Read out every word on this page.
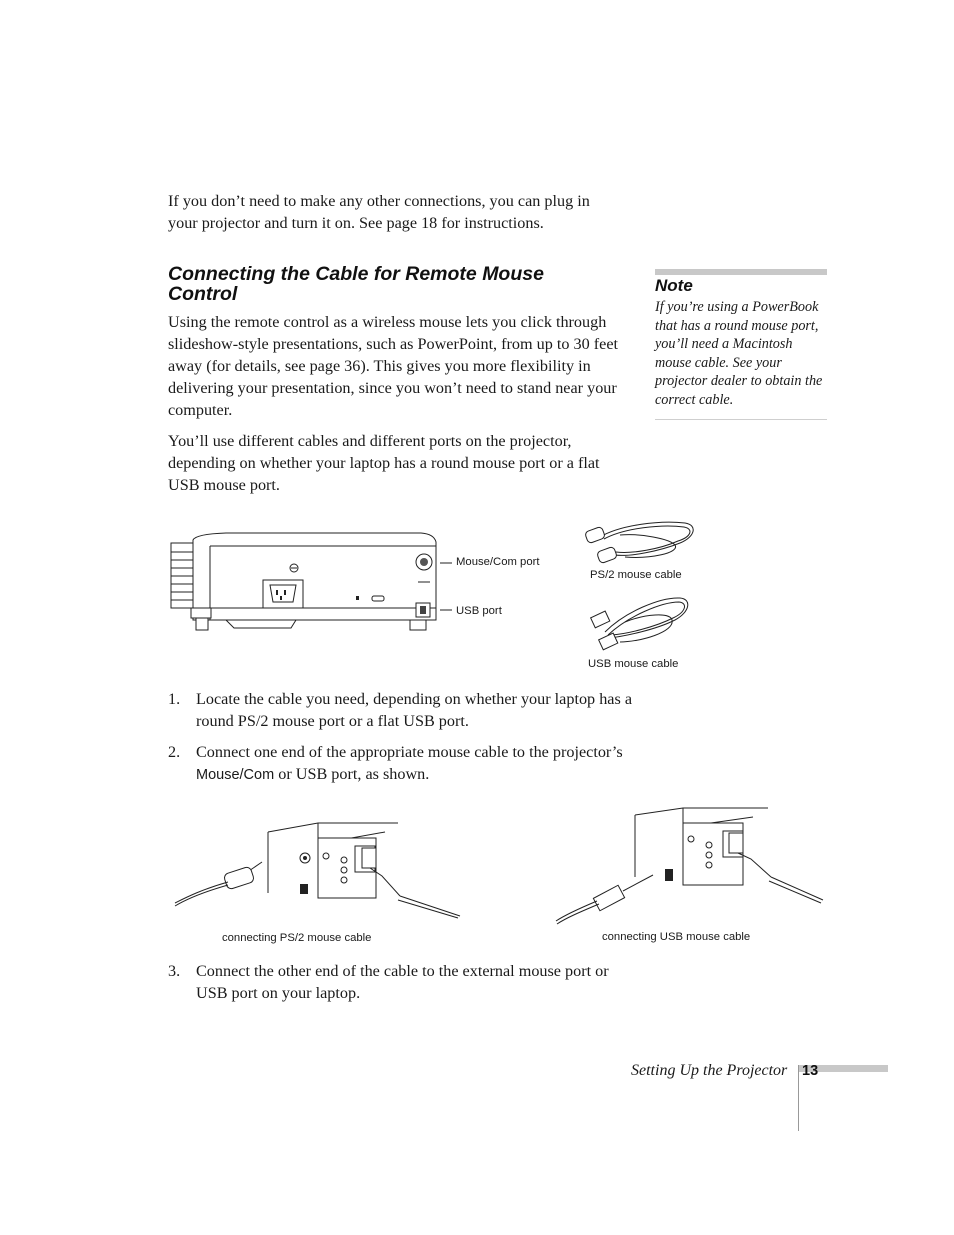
If you don’t need to make any other connections, you can plug in your projector and turn it on. See page 18 for instructions.
Connecting the Cable for Remote Mouse Control
Using the remote control as a wireless mouse lets you click through slideshow-style presentations, such as PowerPoint, from up to 30 feet away (for details, see page 36). This gives you more flexibility in delivering your presentation, since you won’t need to stand near your computer.
You’ll use different cables and different ports on the projector, depending on whether your laptop has a round mouse port or a flat USB mouse port.
Note
If you’re using a PowerBook that has a round mouse port, you’ll need a Macintosh mouse cable. See your projector dealer to obtain the correct cable.
Mouse/Com port
USB port
PS/2 mouse cable
USB mouse cable
1. Locate the cable you need, depending on whether your laptop has a round PS/2 mouse port or a flat USB port.
2. Connect one end of the appropriate mouse cable to the projector’s Mouse/Com or USB port, as shown.
connecting PS/2 mouse cable	connecting USB mouse cable
3. Connect the other end of the cable to the external mouse port or USB port on your laptop.
Setting Up the Projector 13
